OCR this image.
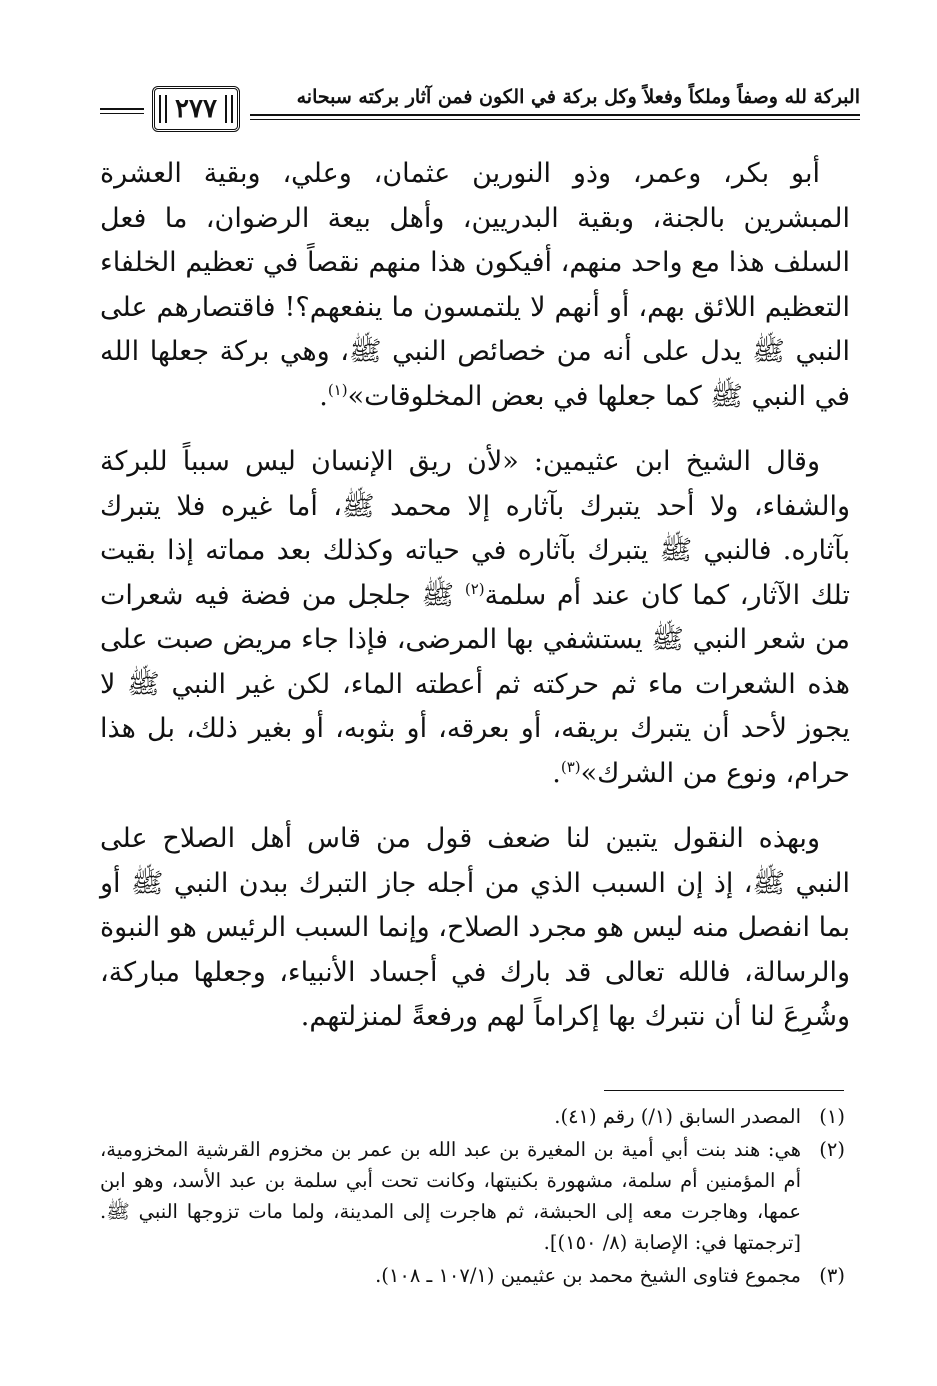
البركة لله وصفاً وملكاً وفعلاً وكل بركة في الكون فمن آثار بركته سبحانه
٢٧٧

أبو بكر، وعمر، وذو النورين عثمان، وعلي، وبقية العشرة المبشرين بالجنة، وبقية البدريين، وأهل بيعة الرضوان، ما فعل السلف هذا مع واحد منهم، أفيكون هذا منهم نقصاً في تعظيم الخلفاء التعظيم اللائق بهم، أو أنهم لا يلتمسون ما ينفعهم؟! فاقتصارهم على النبي ﷺ يدل على أنه من خصائص النبي ﷺ، وهي بركة جعلها الله في النبي ﷺ كما جعلها في بعض المخلوقات»$^{(١)}$.

وقال الشيخ ابن عثيمين: «لأن ريق الإنسان ليس سبباً للبركة والشفاء، ولا أحد يتبرك بآثاره إلا محمد ﷺ، أما غيره فلا يتبرك بآثاره. فالنبي ﷺ يتبرك بآثاره في حياته وكذلك بعد مماته إذا بقيت تلك الآثار، كما كان عند أم سلمة$^{(٢)}$ ﷺ جلجل من فضة فيه شعرات من شعر النبي ﷺ يستشفي بها المرضى، فإذا جاء مريض صبت على هذه الشعرات ماء ثم حركته ثم أعطته الماء، لكن غير النبي ﷺ لا يجوز لأحد أن يتبرك بريقه، أو بعرقه، أو بثوبه، أو بغير ذلك، بل هذا حرام، ونوع من الشرك»$^{(٣)}$.

وبهذه النقول يتبين لنا ضعف قول من قاس أهل الصلاح على النبي ﷺ، إذ إن السبب الذي من أجله جاز التبرك ببدن النبي ﷺ أو بما انفصل منه ليس هو مجرد الصلاح، وإنما السبب الرئيس هو النبوة والرسالة، فالله تعالى قد بارك في أجساد الأنبياء، وجعلها مباركة، وشُرِعَ لنا أن نتبرك بها إكراماً لهم ورفعةً لمنزلتهم.

(١)
المصدر السابق (١/) رقم (٤١).
(٢)
هي: هند بنت أبي أمية بن المغيرة بن عبد الله بن عمر بن مخزوم القرشية المخزومية، أم المؤمنين أم سلمة، مشهورة بكنيتها، وكانت تحت أبي سلمة بن عبد الأسد، وهو ابن عمها، وهاجرت معه إلى الحبشة، ثم هاجرت إلى المدينة، ولما مات تزوجها النبي ﷺ. [ترجمتها في: الإصابة (٨/ ١٥٠)].
(٣)
مجموع فتاوى الشيخ محمد بن عثيمين (١٠٧/١ ـ ١٠٨).
